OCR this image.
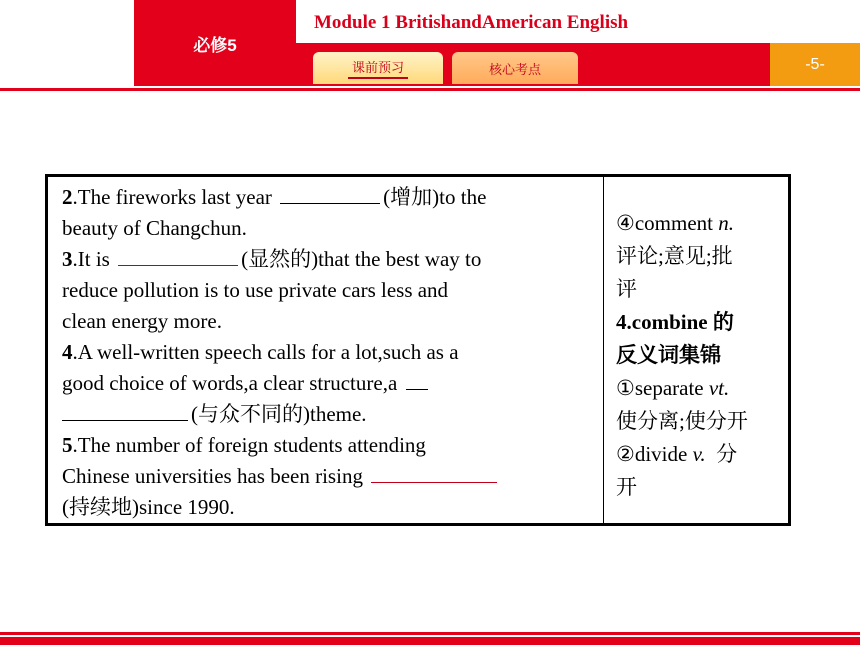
必修5
Module 1 BritishandAmerican English
课前预习	核心考点	-5-
2.The fireworks last year	(增加)to the
beauty of Changchun.
3.It is	(显然的)that the best way to
reduce pollution is to use private cars less and
clean energy more.
4.A well-written speech calls for a lot,such as a
good choice of words,a clear structure,a
(与众不同的)theme.
5.The number of foreign students attending
Chinese universities has been rising
(持续地)since 1990.
④comment n.
评论;意见;批
评
4.combine 的
反义词集锦
①separate vt.
使分离;使分开
②divide v.  分
开
